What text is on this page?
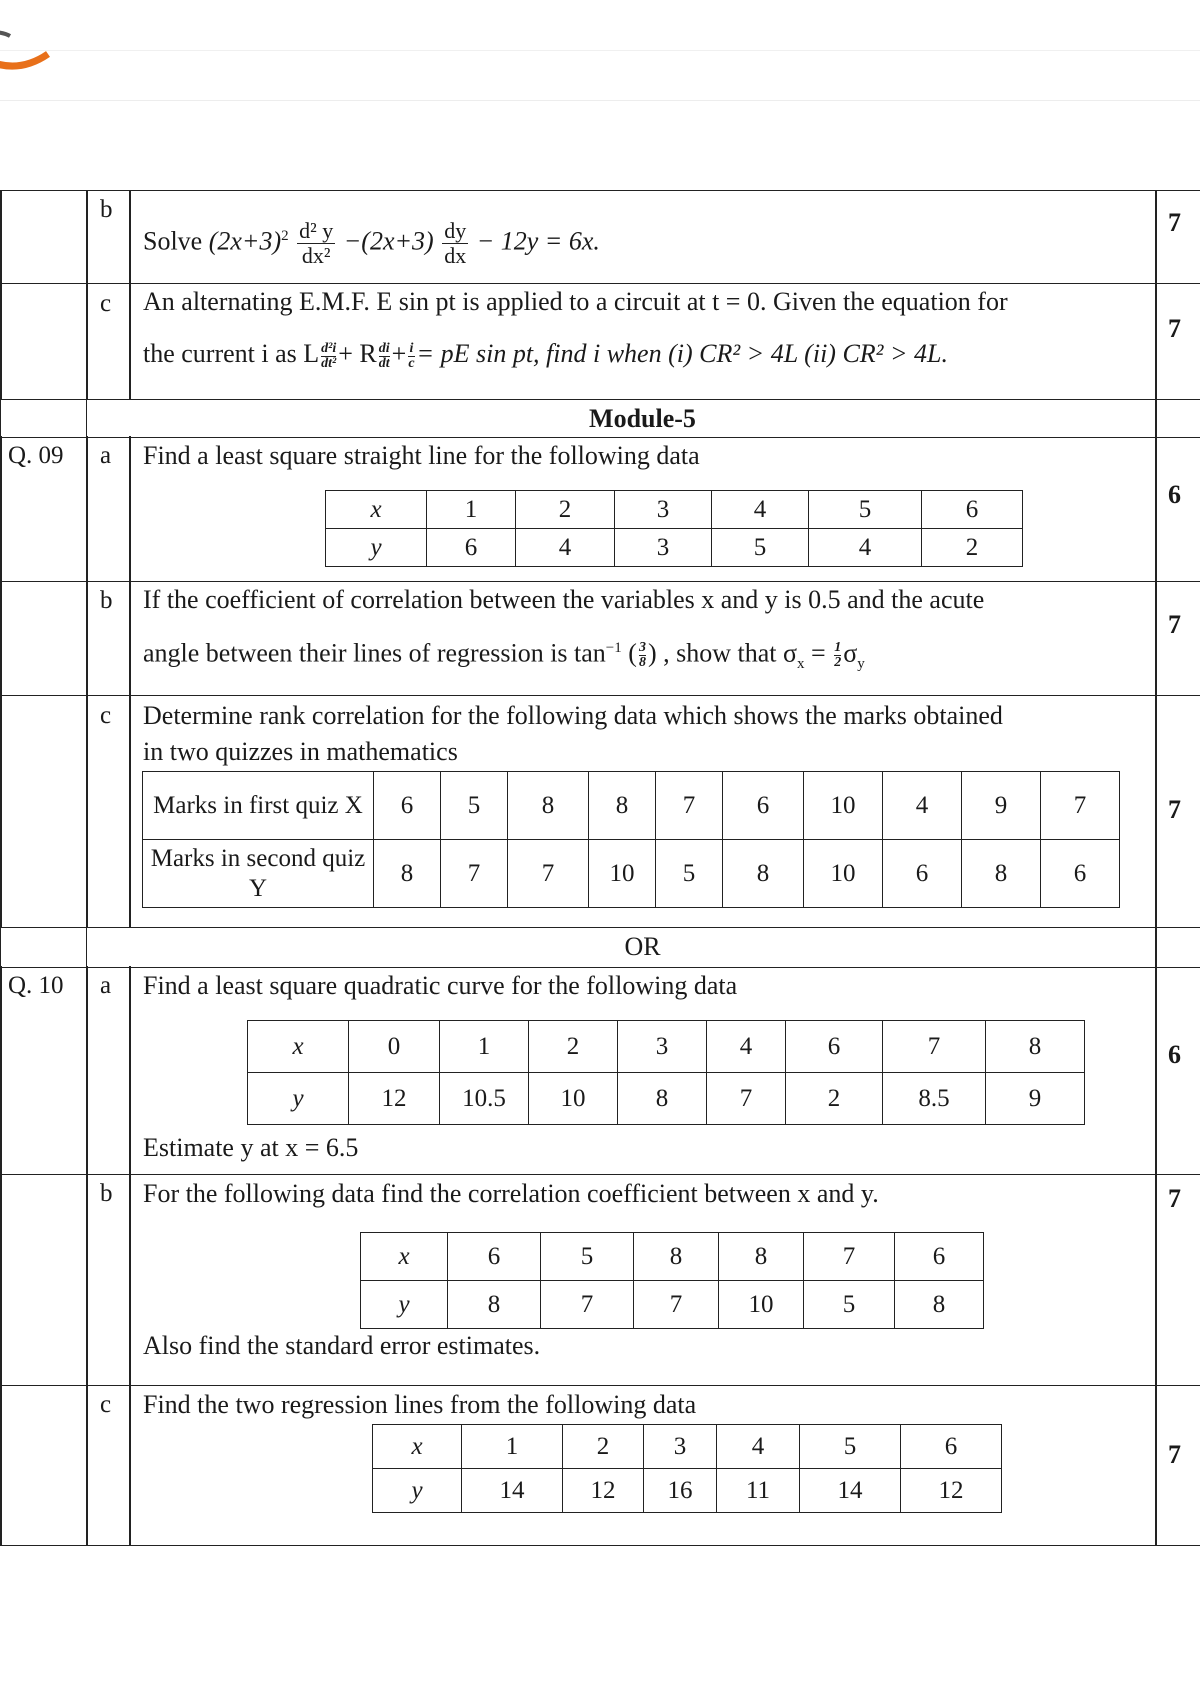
b
Solve $(2x+3)^2 \frac{\text{d² y}}{\text{dx²}} -(2x+3) \frac{dy}{dx} - 12y = 6x$.
7
c An alternating E.M.F. E sin pt is applied to a circuit at t = 0. Given the equation for
the current i as L $\frac{\text{d²i}}{\text{dt²}} + R \frac{di}{dt} + \frac{i}{c}$ = pE sin pt, find i when (i) CR² > 4L (ii) CR² > 4L.
7
Module-5
Q. 09 a Find a least square straight line for the following data
x	1	2	3	4	5	6
y	6	4	3	5	4	2
6
b If the coefficient of correlation between the variables x and y is 0.5 and the acute
angle between their lines of regression is $\tan^{-1}$ ( $\frac{3}{8}$ ) , show that $\sigma_x = \frac{1}{2} \sigma_y$
7
c Determine rank correlation for the following data which shows the marks obtained
in two quizzes in mathematics
Marks in first quiz X	6	5	8	8	7	6	10	4	9	7
Marks in second quiz Y	8	7	7	10	5	8	10	6	8	6
7
OR
Q. 10 a Find a least square quadratic curve for the following data
x	0	1	2	3	4	6	7	8
y	12	10.5	10	8	7	2	8.5	9
Estimate y at x = 6.5
6
b For the following data find the correlation coefficient between x and y.
x	6	5	8	8	7	6
y	8	7	7	10	5	8
Also find the standard error estimates.
7
c Find the two regression lines from the following data
x	1	2	3	4	5	6
y	14	12	16	11	14	12
7
